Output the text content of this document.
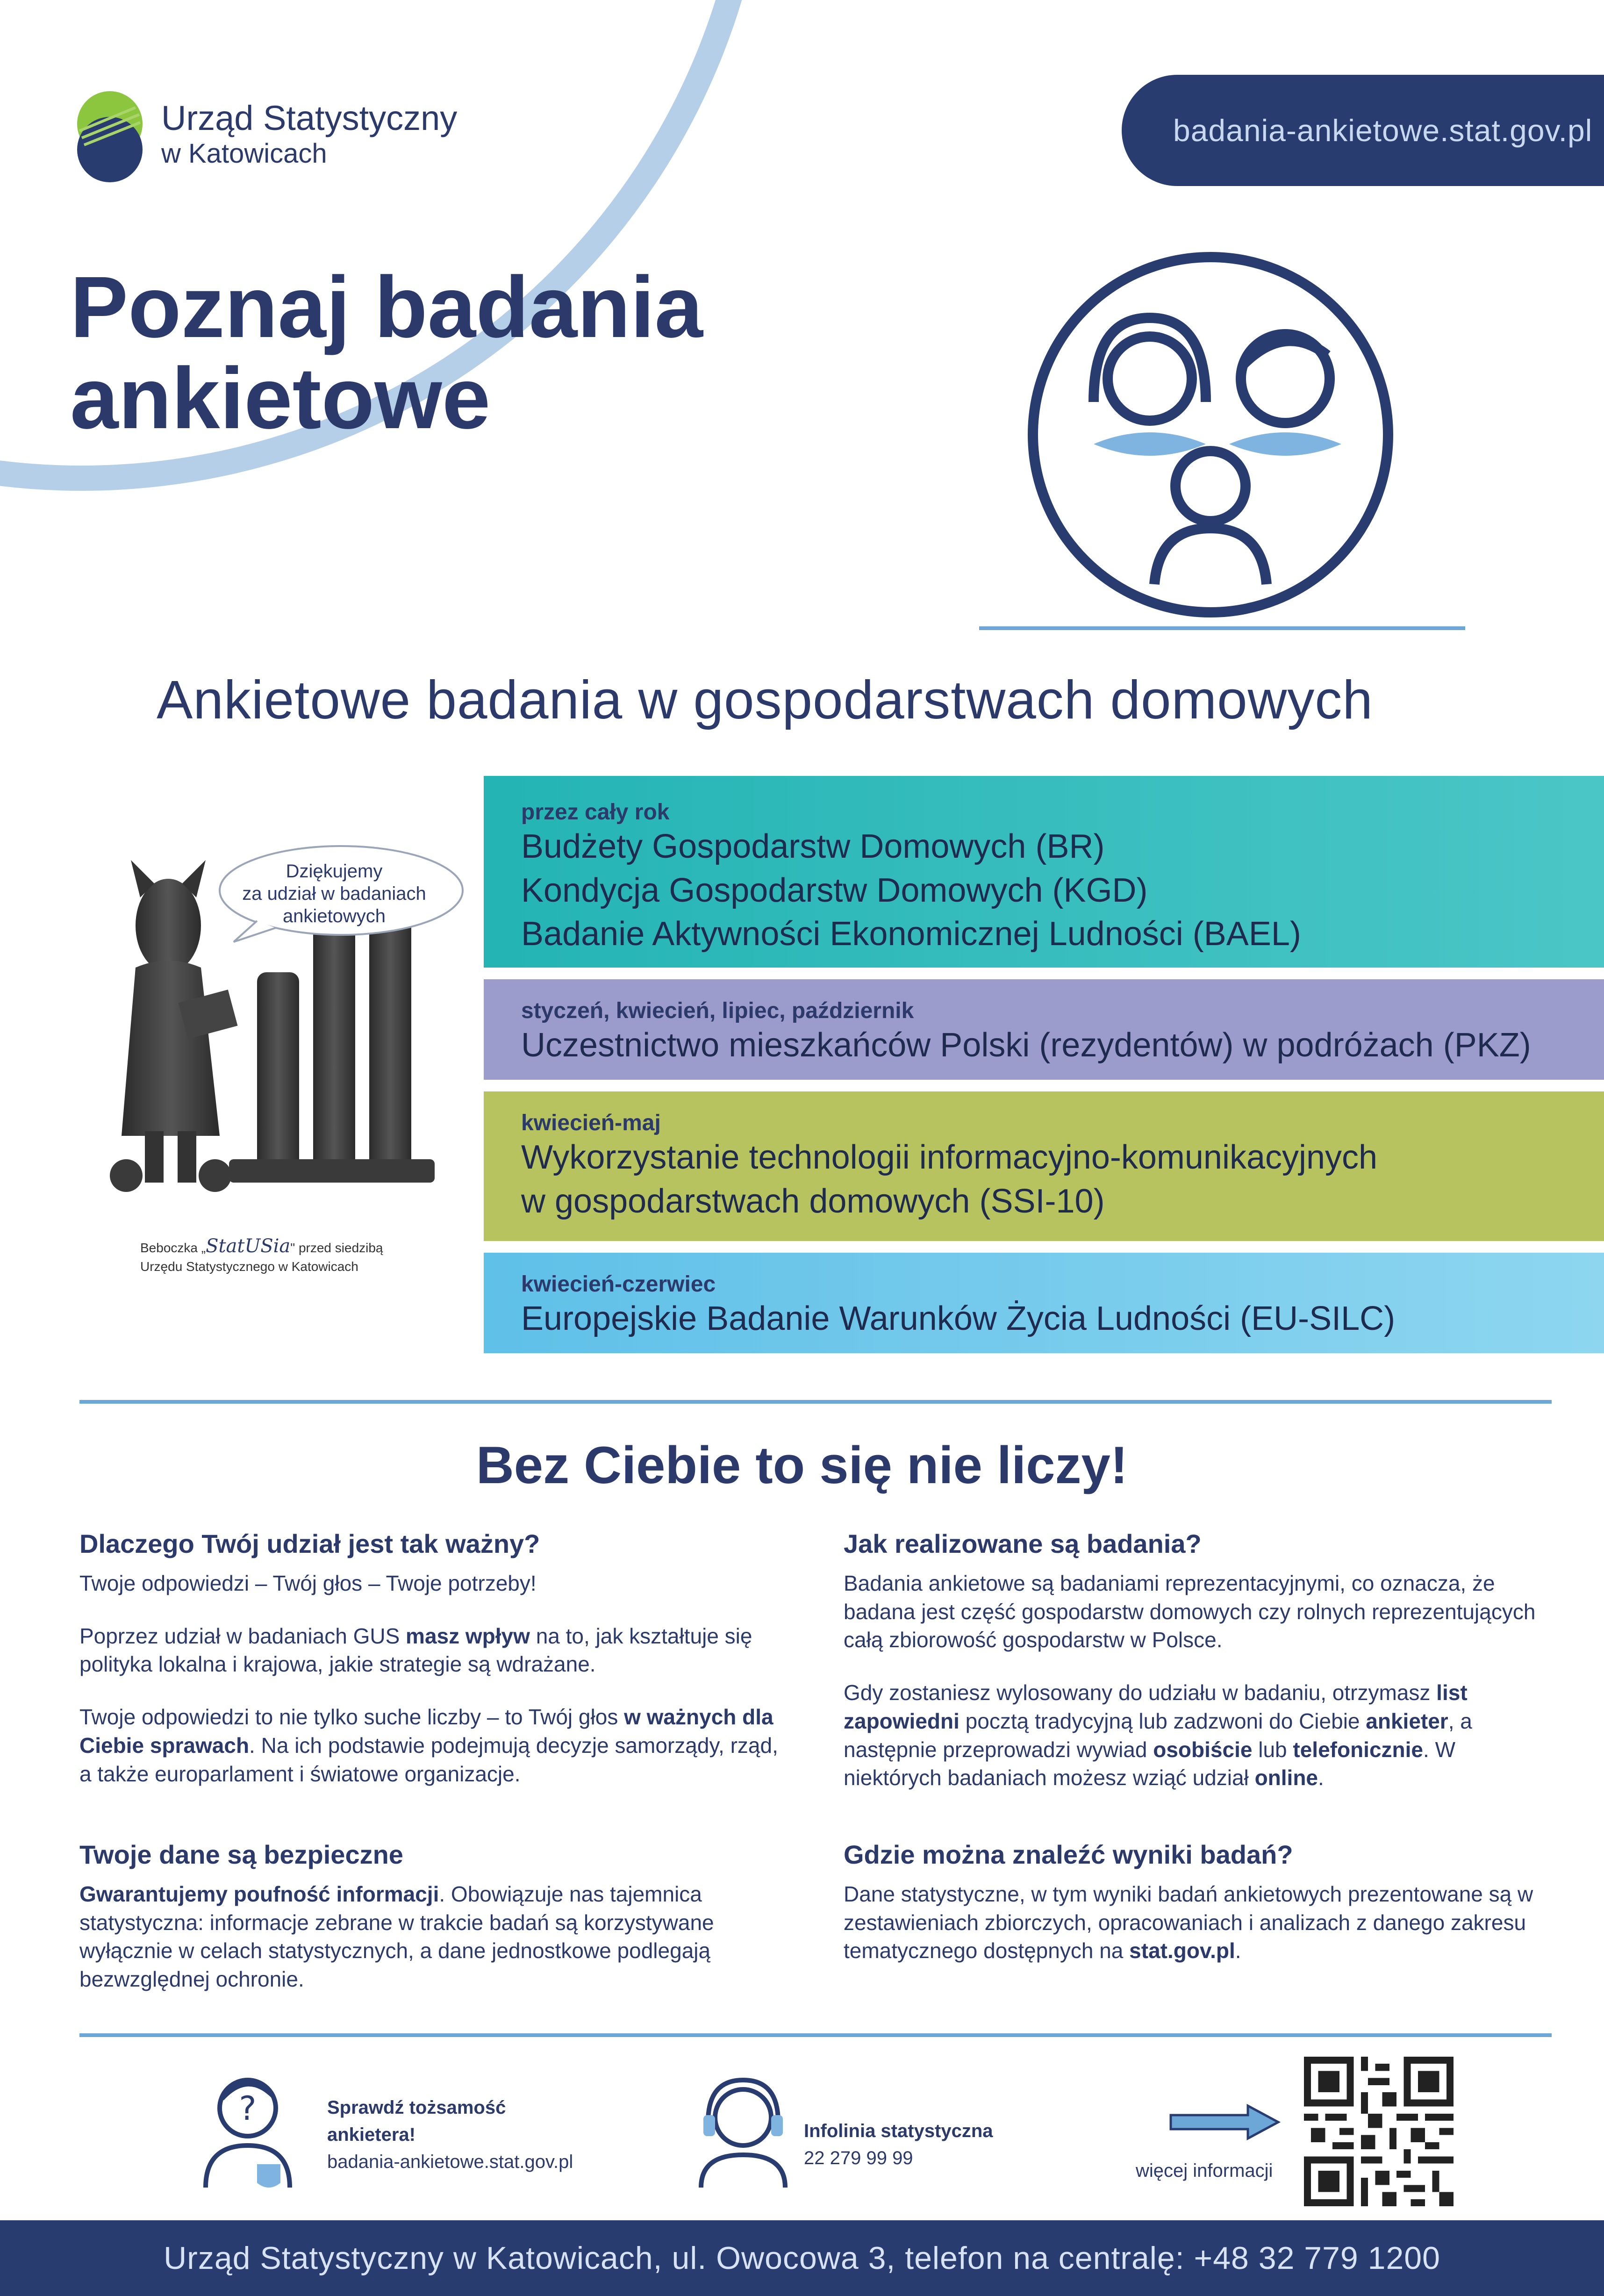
Urząd Statystyczny
w Katowicach
badania-ankietowe.stat.gov.pl
Poznaj badania
ankietowe
Ankietowe badania w gospodarstwach domowych
przez cały rok
Budżety Gospodarstw Domowych (BR)
Kondycja Gospodarstw Domowych (KGD)
Badanie Aktywności Ekonomicznej Ludności (BAEL)
styczeń, kwiecień, lipiec, październik
Uczestnictwo mieszkańców Polski (rezydentów) w podróżach (PKZ)
kwiecień-maj
Wykorzystanie technologii informacyjno-komunikacyjnych
w gospodarstwach domowych (SSI-10)
kwiecień-czerwiec
Europejskie Badanie Warunków Życia Ludności (EU-SILC)
Dziękujemy
za udział w badaniach
ankietowych
Beboczka „StatUSia" przed siedzibą
Urzędu Statystycznego w Katowicach
Bez Ciebie to się nie liczy!
Dlaczego Twój udział jest tak ważny?

Twoje odpowiedzi – Twój głos – Twoje potrzeby!

Poprzez udział w badaniach GUS masz wpływ na to, jak kształtuje się polityka lokalna i krajowa, jakie strategie są wdrażane.

Twoje odpowiedzi to nie tylko suche liczby – to Twój głos w ważnych dla Ciebie sprawach. Na ich podstawie podejmują decyzje samorządy, rząd, a także europarlament i światowe organizacje.

Jak realizowane są badania?

Badania ankietowe są badaniami reprezentacyjnymi, co oznacza, że badana jest część gospodarstw domowych czy rolnych reprezentujących całą zbiorowość gospodarstw w Polsce.

Gdy zostaniesz wylosowany do udziału w badaniu, otrzymasz list zapowiedni pocztą tradycyjną lub zadzwoni do Ciebie ankieter, a następnie przeprowadzi wywiad osobiście lub telefonicznie. W niektórych badaniach możesz wziąć udział online.

Twoje dane są bezpieczne

Gwarantujemy poufność informacji. Obowiązuje nas tajemnica statystyczna: informacje zebrane w trakcie badań są korzystywane wyłącznie w celach statystycznych, a dane jednostkowe podlegają bezwzględnej ochronie.

Gdzie można znaleźć wyniki badań?

Dane statystyczne, w tym wyniki badań ankietowych prezentowane są w zestawieniach zbiorczych, opracowaniach i analizach z danego zakresu tematycznego dostępnych na stat.gov.pl.

?	Sprawdź tożsamość
ankietera!
badania-ankietowe.stat.gov.pl
Infolinia statystyczna
22 279 99 99
więcej informacji
Urząd Statystyczny w Katowicach, ul. Owocowa 3, telefon na centralę: +48 32 779 1200
